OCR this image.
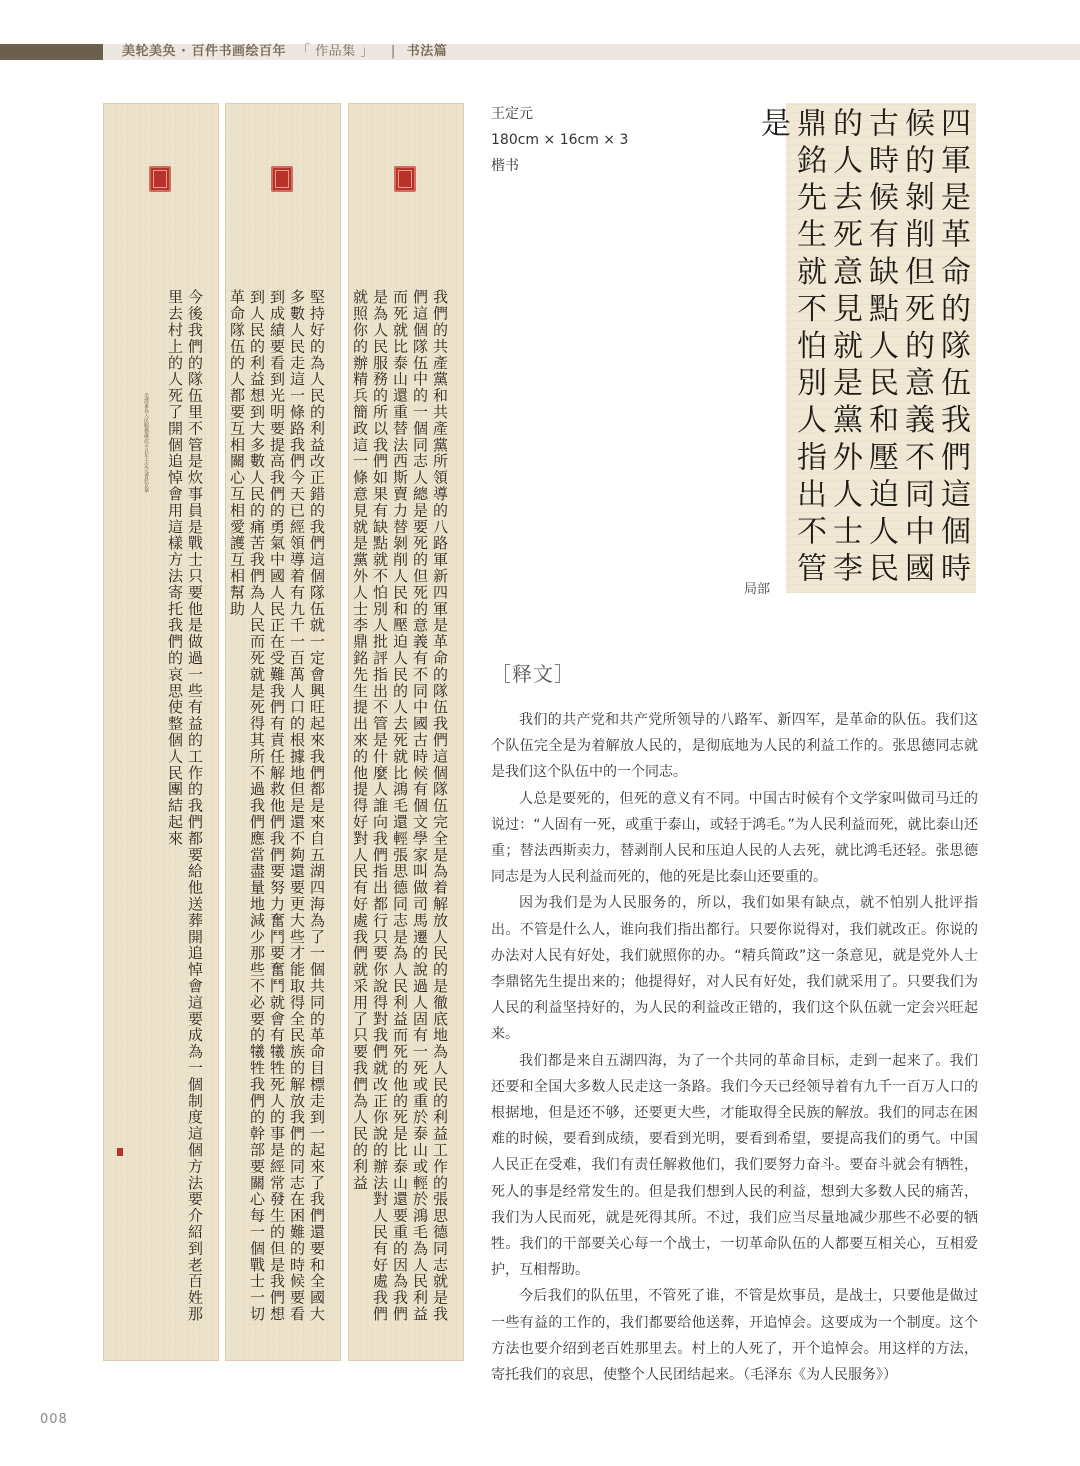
美轮美奂 · 百件书画绘百年 「 作品集 」 | 书法篇
今後我們的隊伍里不管是炊事員是戰士只要他是做過一些有益的工作的我們都要給他送葬開追悼會這要成為一個制度這個方法要介紹到老百姓那里去村上的人死了開個追悼會用這樣方法寄托我們的哀思使整個人民團結起來
毛澤東為人民服務歲次辛丑年王定元書於京華	堅持好的為人民的利益改正錯的我們這個隊伍就一定會興旺起來我們都是來自五湖四海為了一個共同的革命目標走到一起來了我們還要和全國大多數人民走這一條路我們今天已經領導着有九千一百萬人口的根據地但是還不夠還要更大些才能取得全民族的解放我們的同志在困難的時候要看到成績要看到光明要提高我們的勇氣中國人民正在受難我們有責任解救他們我們要努力奮鬥要奮鬥就會有犧牲死人的事是經常發生的但是我們想到人民的利益想到大多數人民的痛苦我們為人民而死就是死得其所不過我們應當盡量地減少那些不必要的犧牲我們的幹部要關心每一個戰士一切革命隊伍的人都要互相關心互相愛護互相幫助	我們的共產黨和共產黨所領導的八路軍新四軍是革命的隊伍我們這個隊伍完全是為着解放人民的是徹底地為人民的利益工作的張思德同志就是我們這個隊伍中的一個同志人總是要死的但死的意義有不同中國古時候有個文學家叫做司馬遷的說過人固有一死或重於泰山或輕於鴻毛為人民利益而死就比泰山還重替法西斯賣力替剝削人民和壓迫人民的人去死就比鴻毛還輕張思德同志是為人民利益而死的他的死是比泰山還要重的因為我們是為人民服務的所以我們如果有缺點就不怕別人批評指出不管是什麼人誰向我們指出都行只要你說得對我們就改正你說的辦法對人民有好處我們就照你的辦精兵簡政這一條意見就是黨外人士李鼎銘先生提出來的他提得好對人民有好處我們就采用了只要我們為人民的利益
王定元
180cm × 16cm × 3
楷书	四軍是革命的隊伍我們這個時候的剝削但死的意義不同中國古時候有缺點人民和壓迫人民的人去死意見就是黨外人士李鼎銘先生就不怕別人指出不管是
局部
［释文］

我们的共产党和共产党所领导的八路军、新四军，是革命的队伍。我们这个队伍完全是为着解放人民的，是彻底地为人民的利益工作的。张思德同志就是我们这个队伍中的一个同志。

人总是要死的，但死的意义有不同。中国古时候有个文学家叫做司马迁的说过：“人固有一死，或重于泰山，或轻于鸿毛。”为人民利益而死，就比泰山还重；替法西斯卖力，替剥削人民和压迫人民的人去死，就比鸿毛还轻。张思德同志是为人民利益而死的，他的死是比泰山还要重的。

因为我们是为人民服务的，所以，我们如果有缺点，就不怕别人批评指出。不管是什么人，谁向我们指出都行。只要你说得对，我们就改正。你说的办法对人民有好处，我们就照你的办。“精兵简政”这一条意见，就是党外人士李鼎铭先生提出来的；他提得好，对人民有好处，我们就采用了。只要我们为人民的利益坚持好的，为人民的利益改正错的，我们这个队伍就一定会兴旺起来。

我们都是来自五湖四海，为了一个共同的革命目标，走到一起来了。我们还要和全国大多数人民走这一条路。我们今天已经领导着有九千一百万人口的根据地，但是还不够，还要更大些，才能取得全民族的解放。我们的同志在困难的时候，要看到成绩，要看到光明，要看到希望，要提高我们的勇气。中国人民正在受难，我们有责任解救他们，我们要努力奋斗。要奋斗就会有牺牲，死人的事是经常发生的。但是我们想到人民的利益，想到大多数人民的痛苦，我们为人民而死，就是死得其所。不过，我们应当尽量地减少那些不必要的牺牲。我们的干部要关心每一个战士，一切革命队伍的人都要互相关心，互相爱护，互相帮助。

今后我们的队伍里，不管死了谁，不管是炊事员，是战士，只要他是做过一些有益的工作的，我们都要给他送葬，开追悼会。这要成为一个制度。这个方法也要介绍到老百姓那里去。村上的人死了，开个追悼会。用这样的方法，寄托我们的哀思，使整个人民团结起来。（毛泽东《为人民服务》）

008
